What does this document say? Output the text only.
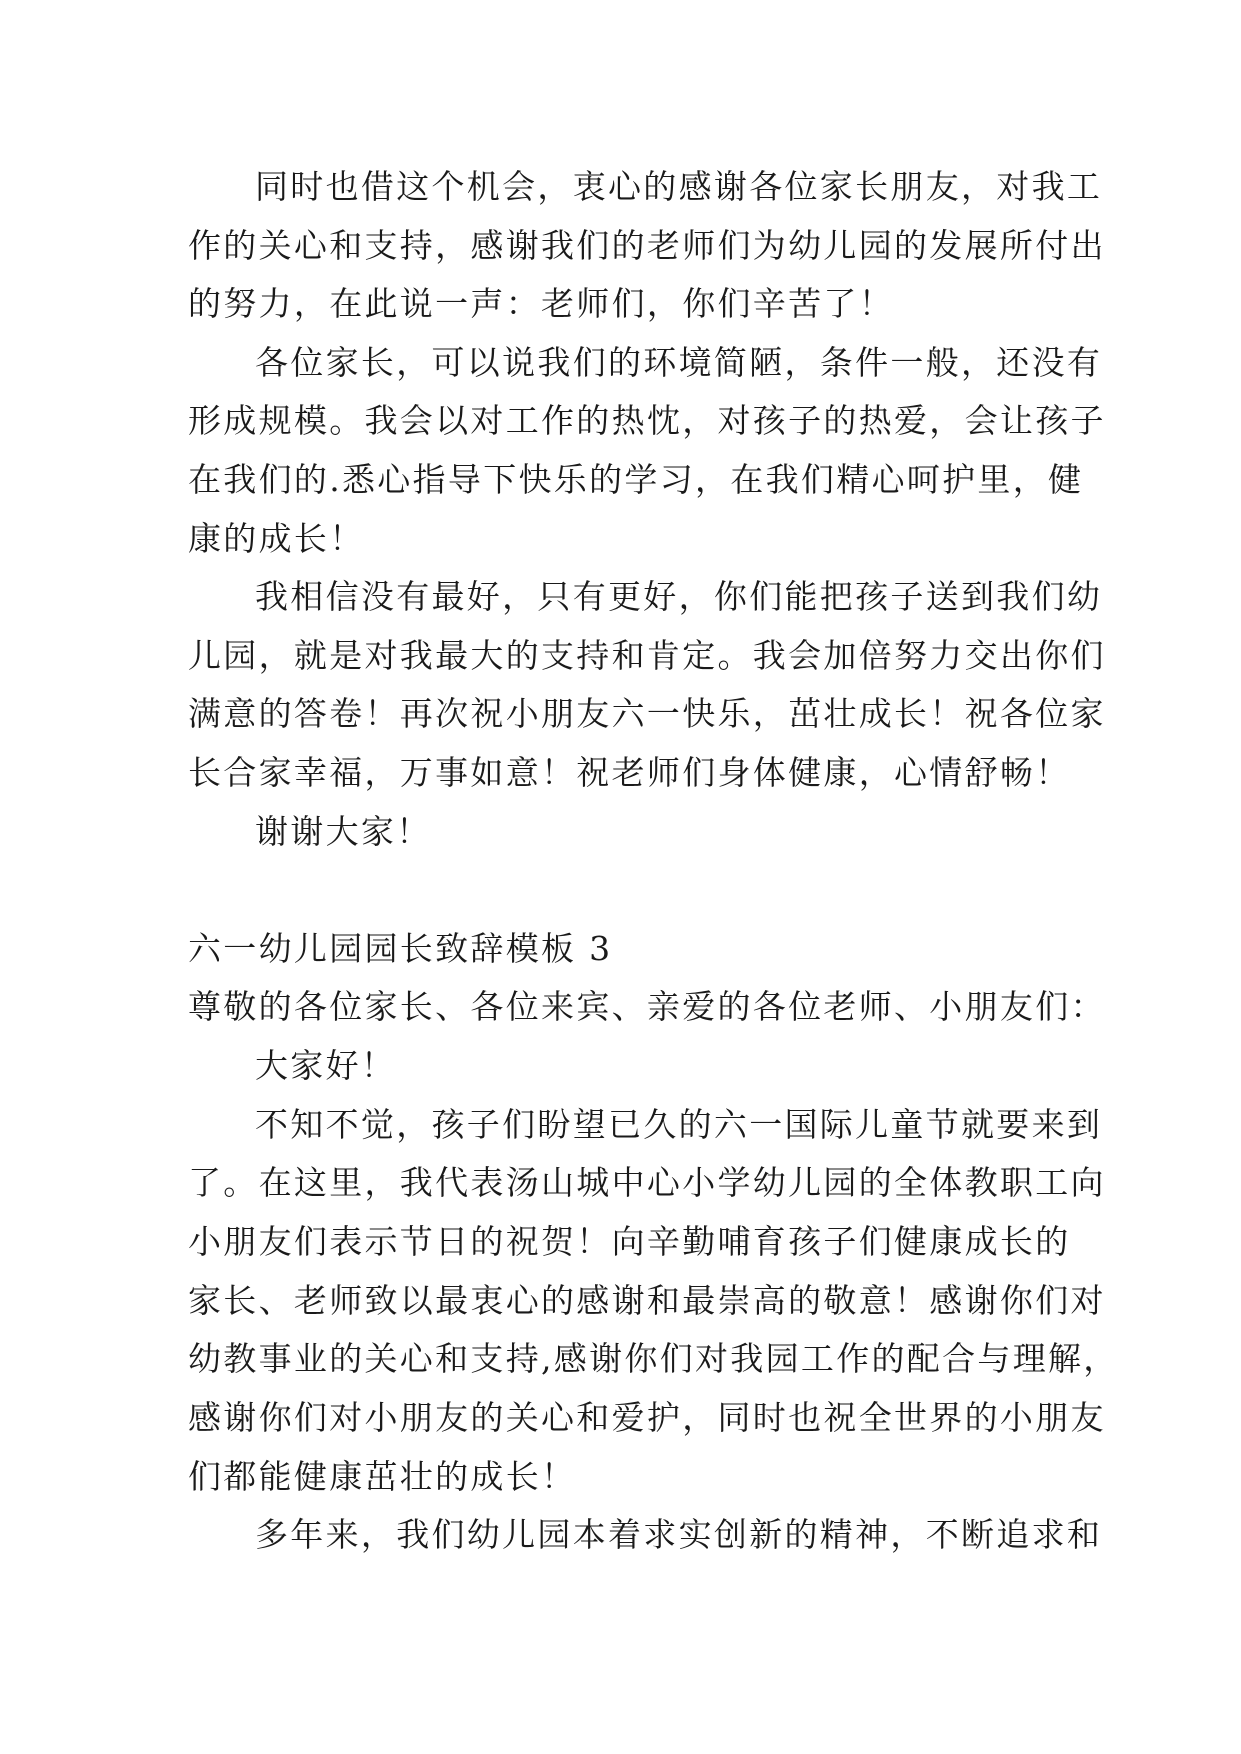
同时也借这个机会，衷心的感谢各位家长朋友，对我工
作的关心和支持，感谢我们的老师们为幼儿园的发展所付出
的努力，在此说一声：老师们，你们辛苦了！
各位家长，可以说我们的环境简陋，条件一般，还没有
形成规模。我会以对工作的热忱，对孩子的热爱，会让孩子
在我们的.悉心指导下快乐的学习，在我们精心呵护里，健
康的成长！
我相信没有最好，只有更好，你们能把孩子送到我们幼
儿园，就是对我最大的支持和肯定。我会加倍努力交出你们
满意的答卷！再次祝小朋友六一快乐，茁壮成长！祝各位家
长合家幸福，万事如意！祝老师们身体健康，心情舒畅！
谢谢大家！
六一幼儿园园长致辞模板 3
尊敬的各位家长、各位来宾、亲爱的各位老师、小朋友们：
大家好！
不知不觉，孩子们盼望已久的六一国际儿童节就要来到
了。在这里，我代表汤山城中心小学幼儿园的全体教职工向
小朋友们表示节日的祝贺！向辛勤哺育孩子们健康成长的
家长、老师致以最衷心的感谢和最崇高的敬意！感谢你们对
幼教事业的关心和支持,感谢你们对我园工作的配合与理解，
感谢你们对小朋友的关心和爱护，同时也祝全世界的小朋友
们都能健康茁壮的成长！
多年来，我们幼儿园本着求实创新的精神，不断追求和
